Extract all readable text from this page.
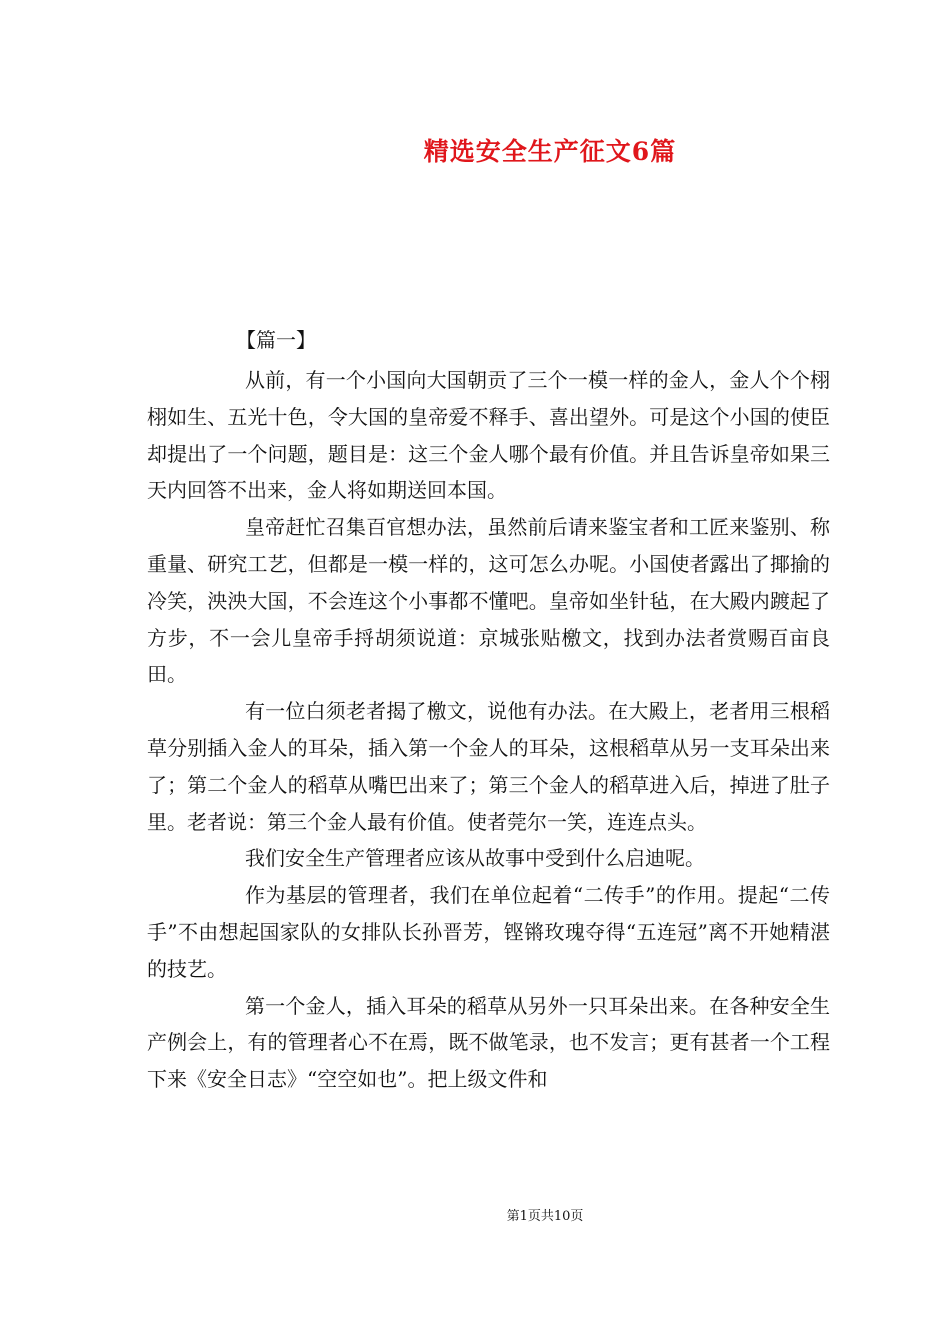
精选安全生产征文6篇

【篇一】

从前，有一个小国向大国朝贡了三个一模一样的金人，金人个个栩栩如生、五光十色，令大国的皇帝爱不释手、喜出望外。可是这个小国的使臣却提出了一个问题，题目是：这三个金人哪个最有价值。并且告诉皇帝如果三天内回答不出来，金人将如期送回本国。

皇帝赶忙召集百官想办法，虽然前后请来鉴宝者和工匠来鉴别、称重量、研究工艺，但都是一模一样的，这可怎么办呢。小国使者露出了揶揄的冷笑，泱泱大国，不会连这个小事都不懂吧。皇帝如坐针毡，在大殿内踱起了方步，不一会儿皇帝手捋胡须说道：京城张贴檄文，找到办法者赏赐百亩良田。

有一位白须老者揭了檄文，说他有办法。在大殿上，老者用三根稻草分别插入金人的耳朵，插入第一个金人的耳朵，这根稻草从另一支耳朵出来了；第二个金人的稻草从嘴巴出来了；第三个金人的稻草进入后，掉进了肚子里。老者说：第三个金人最有价值。使者莞尔一笑，连连点头。

我们安全生产管理者应该从故事中受到什么启迪呢。

作为基层的管理者，我们在单位起着“二传手”的作用。提起“二传手”不由想起国家队的女排队长孙晋芳，铿锵玫瑰夺得“五连冠”离不开她精湛的技艺。

第一个金人，插入耳朵的稻草从另外一只耳朵出来。在各种安全生产例会上，有的管理者心不在焉，既不做笔录，也不发言；更有甚者一个工程下来《安全日志》“空空如也”。把上级文件和

第1页共10页
